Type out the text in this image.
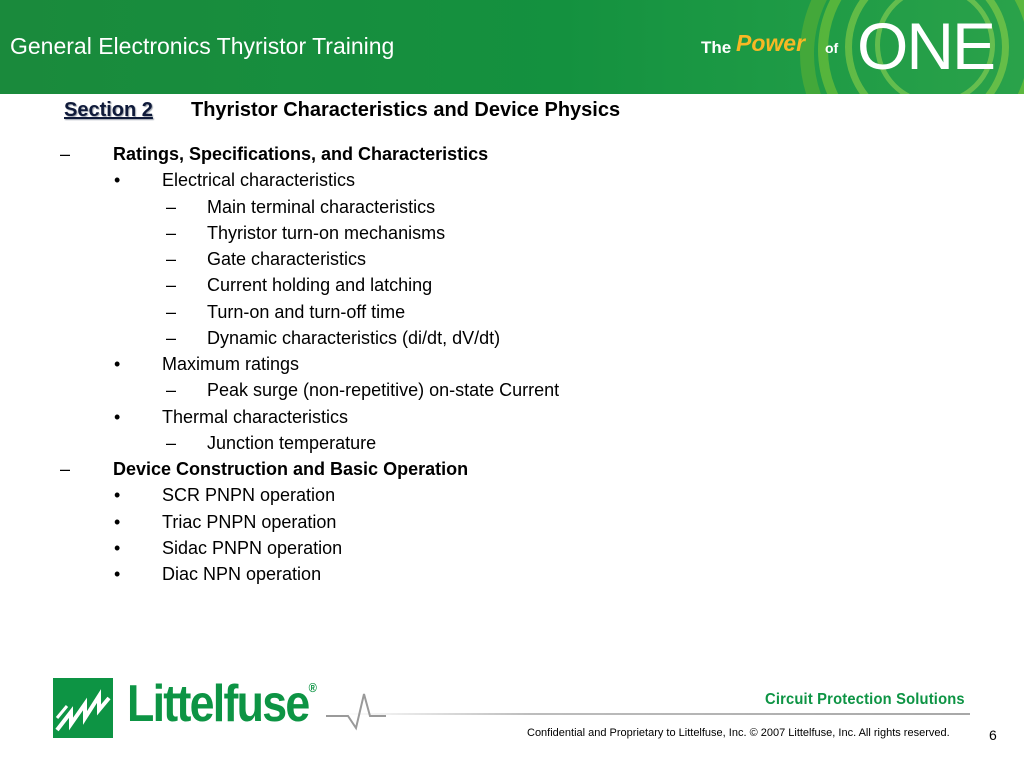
General Electronics Thyristor Training	The Power of ONE
Section 2 Thyristor Characteristics and Device Physics
– Ratings, Specifications, and Characteristics
• Electrical characteristics
– Main terminal characteristics
– Thyristor turn-on mechanisms
– Gate characteristics
– Current holding and latching
– Turn-on and turn-off time
– Dynamic characteristics (di/dt, dV/dt)
• Maximum ratings
– Peak surge (non-repetitive) on-state Current
• Thermal characteristics
– Junction temperature
– Device Construction and Basic Operation
• SCR PNPN operation
• Triac PNPN operation
• Sidac PNPN operation
• Diac NPN operation
Littelfuse®
Circuit Protection Solutions
Confidential and Proprietary to Littelfuse, Inc. © 2007 Littelfuse, Inc. All rights reserved.	6
